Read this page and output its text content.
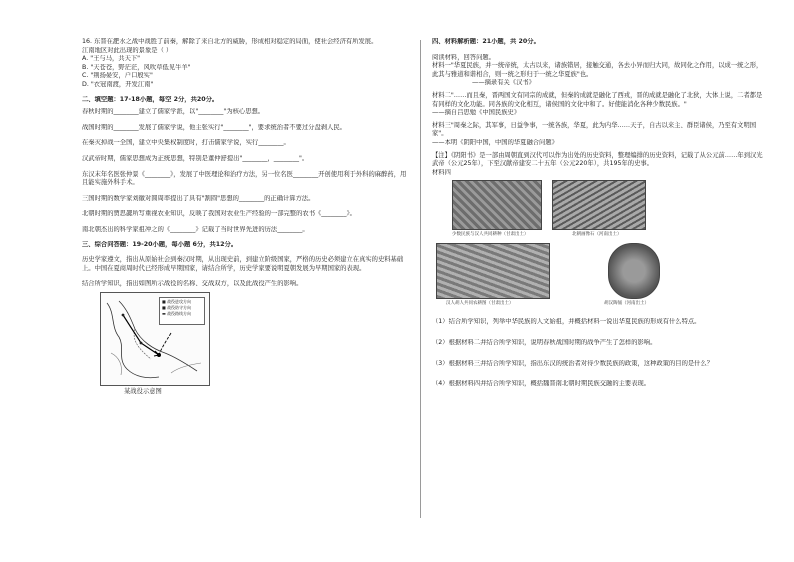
16. 东晋在淝水之战中战胜了前秦，解除了来自北方的威胁，形成相对稳定的局面，使社会经济有所发展。
江南地区对此出现的景象是（ ）
A. "王与马，共天下"
B. "天苍苍，野茫茫，风吹草低见牛羊"
C. "荆扬晏安，户口殷实"
D. "衣冠南渡，开发江南"
二、填空题：17-18小题，每空 2分，共20分。
春秋时期的________建立了儒家学派，以"________"为核心思想。
战国时期的________发展了儒家学说，他主张实行"________"，要求统治者不要过分盘剥人民。
在秦灭掉战一全国，建立中央集权制度时，打击儒家学说，实行________。
汉武帝时期，儒家思想成为正统思想，特别是董仲舒提出"________，________"。
东汉末年名医张仲景《________》，发展了中医理论和治疗方法，另一位名医________开创使用利于外科的麻醉药，用且能实施外科手术。
三国时期的数学家刘徽对圆周率提出了具有"割圆"思想的________的正确计算方法。
北朝时期的贾思勰所写重视农业知识，反映了我国对农业生产经验的一部完整的农书《________》。
南北朝杰出的科学家祖冲之的《________》记载了当时世界先进的历法________。
三、综合问答题：19-20小题，每小题 6分，共12分。
历史学家遵文，指出从原始社会到秦汉时期，从出现史前，到建立阶级国家，严格的历史必须建立在真实的史料基础上。中国在夏商周时代已经形成早期国家，请结合所学，历史学家要说明夏朝发展为早期国家的表现。
结合所学知识，指出如图所示战役的名称、交战双方，以及此战役产生的影响。
■ 战役进攻方向
■ 战役防守方向
▬ 战役路线方向
某战役示意图
四、材料解析题：21小题，共 20分。
阅读材料，回答问题。
材料一"华夏民族，并一统帝统，太古以来，诸族错居，接触交通，各去小异而归大同，故同化之作用，以成一统之形，此其与雅道和谐相合，则一统之形归于一统之华夏族"也。
——摘录有关《汉书》
材料二"……而且秦，晋两国文有同宗的成就，但秦的成就是融化了西戎，晋的成就是融化了北狄，大体上说，二者都是有同样的文化功能。同各族的文化相互，诸侯国的文化中和了。好使能消化各种少数民族。"
——摘自吕思勉《中国民族史》
材料三"周秦之际，其军事，日益争事，一统各族，华夏，此为内华……天子，自古以来主、群臣诸侯，乃至有文明国家"。
——本明《阴阳中国，中国的华夏融合问题》
【注】《阴阳书》是一部由周朝直到汉代可以作为出处的历史资料，整理编排的历史资料，记载了从公元前……年到汉光武帝（公元25年），下至汉献帝建安二十五年（公元220年），共195年的史事。
材料四
少数民族与汉人共同耕种（甘肃出土）	北朝画像石（河南出土）
汉人胡人共同农耕图（甘肃出土）	胡汉陶俑（河南出土）
（1）结合所学知识，列举中华民族的人文始祖，并概括材料一说出华夏民族的形成有什么特点。
（2）根据材料二并结合所学知识，说明春秋战国时期的战争产生了怎样的影响。
（3）根据材料三并结合所学知识，指出东汉的统治者对待少数民族的政策，这种政策的目的是什么？
（4）根据材料四并结合所学知识，概括魏晋南北朝时期民族交融的主要表现。
